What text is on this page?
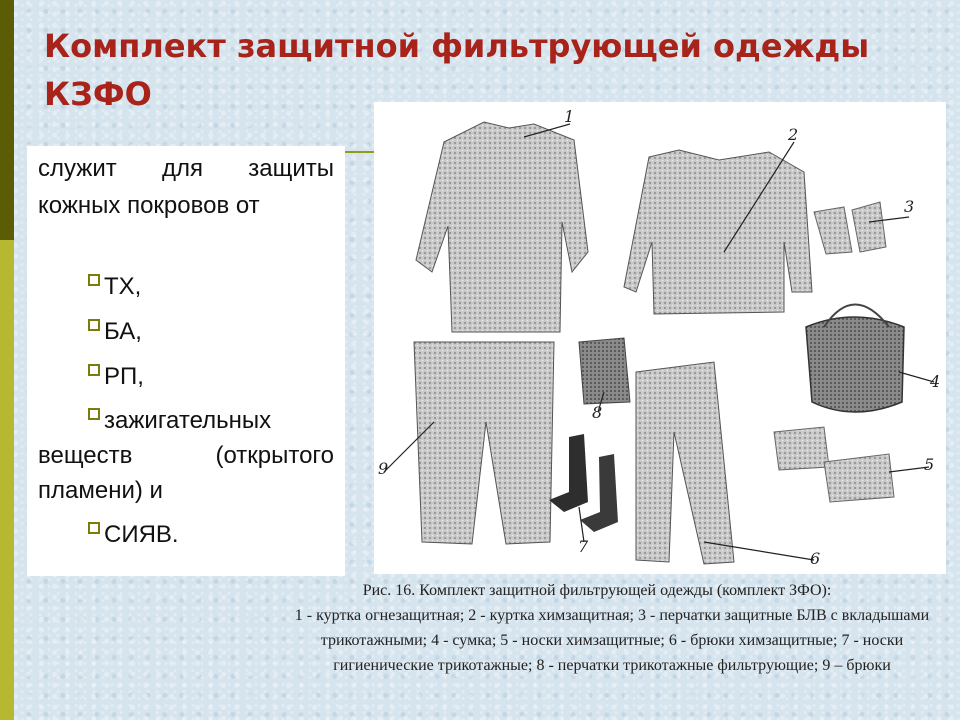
Комплект защитной фильтрующей одежды КЗФО

служит для защиты кожных покровов от

ТХ,
БА,
РП,
зажигательных веществ (открытого пламени) и
СИЯВ.
1
2
3
4
5
6
7
8
9

Рис. 16. Комплект защитной фильтрующей одежды (комплект ЗФО):

1 - куртка огнезащитная; 2 - куртка химзащитная; 3 - перчатки защитные БЛВ с вкладышами трикотажными; 4 - сумка; 5 - носки химзащитные; 6 - брюки химзащитные; 7 - носки гигиенические трикотажные; 8 - перчатки трикотажные фильтрующие; 9 – брюки
